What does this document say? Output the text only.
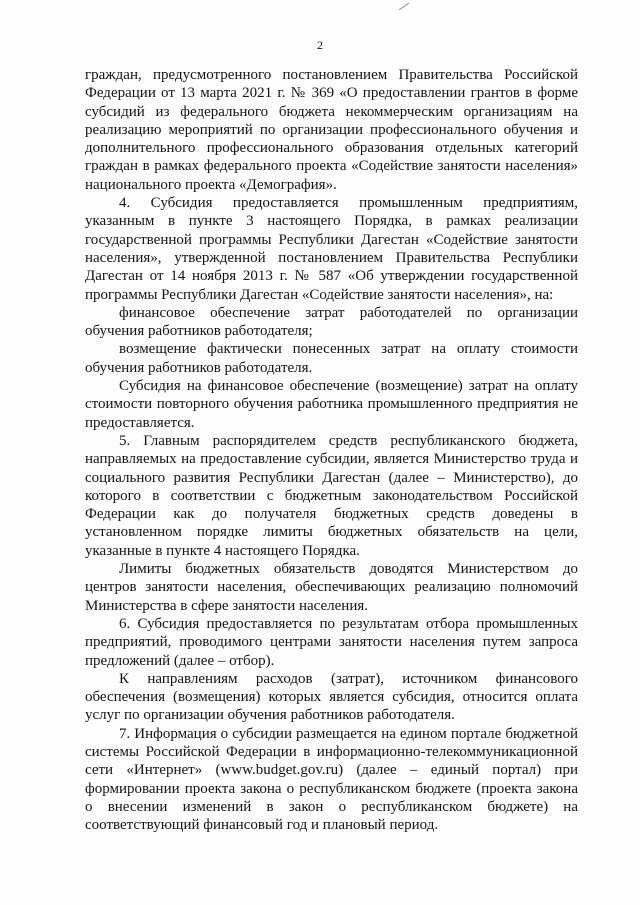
2

граждан, предусмотренного постановлением Правительства Российской Федерации от 13 марта 2021 г. № 369 «О предоставлении грантов в форме субсидий из федерального бюджета некоммерческим организациям на реализацию мероприятий по организации профессионального обучения и дополнительного профессионального образования отдельных категорий граждан в рамках федерального проекта «Содействие занятости населения» национального проекта «Демография».

4. Субсидия предоставляется промышленным предприятиям, указанным в пункте 3 настоящего Порядка, в рамках реализации государственной программы Республики Дагестан «Содействие занятости населения», утвержденной постановлением Правительства Республики Дагестан от 14 ноября 2013 г. № 587 «Об утверждении государственной программы Республики Дагестан «Содействие занятости населения», на:

финансовое обеспечение затрат работодателей по организации обучения работников работодателя;

возмещение фактически понесенных затрат на оплату стоимости обучения работников работодателя.

Субсидия на финансовое обеспечение (возмещение) затрат на оплату стоимости повторного обучения работника промышленного предприятия не предоставляется.

5. Главным распорядителем средств республиканского бюджета, направляемых на предоставление субсидии, является Министерство труда и социального развития Республики Дагестан (далее – Министерство), до которого в соответствии с бюджетным законодательством Российской Федерации как до получателя бюджетных средств доведены в установленном порядке лимиты бюджетных обязательств на цели, указанные в пункте 4 настоящего Порядка.

Лимиты бюджетных обязательств доводятся Министерством до центров занятости населения, обеспечивающих реализацию полномочий Министерства в сфере занятости населения.

6. Субсидия предоставляется по результатам отбора промышленных предприятий, проводимого центрами занятости населения путем запроса предложений (далее – отбор).

К направлениям расходов (затрат), источником финансового обеспечения (возмещения) которых является субсидия, относится оплата услуг по организации обучения работников работодателя.

7. Информация о субсидии размещается на едином портале бюджетной системы Российской Федерации в информационно-телекоммуникационной сети «Интернет» (www.budget.gov.ru) (далее – единый портал) при формировании проекта закона о республиканском бюджете (проекта закона о внесении изменений в закон о республиканском бюджете) на соответствующий финансовый год и плановый период.
